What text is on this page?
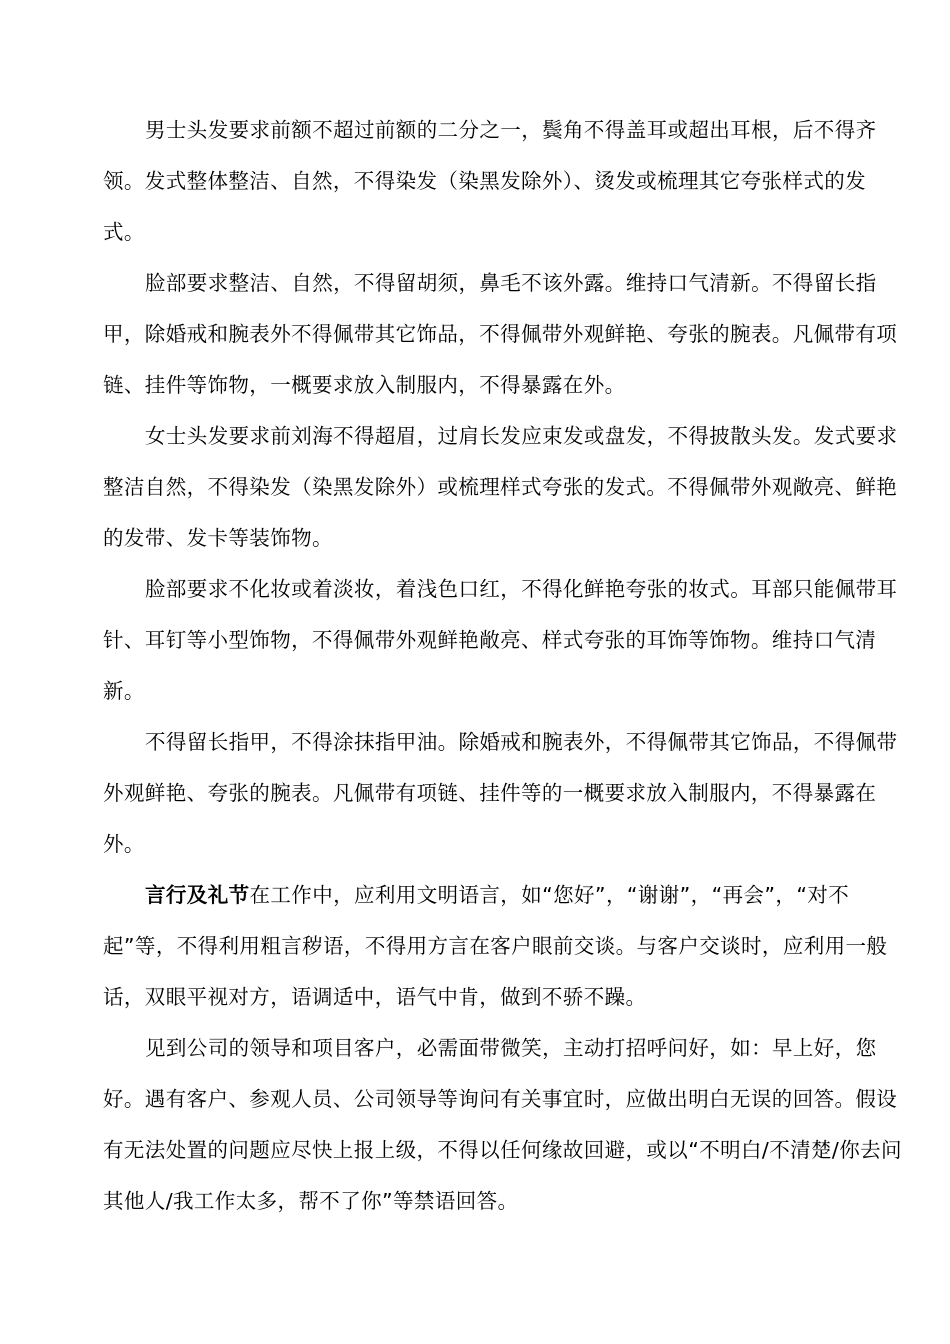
男士头发要求前额不超过前额的二分之一，鬓角不得盖耳或超出耳根，后不得齐领。发式整体整洁、自然，不得染发（染黑发除外）、烫发或梳理其它夸张样式的发式。

脸部要求整洁、自然，不得留胡须，鼻毛不该外露。维持口气清新。不得留长指甲，除婚戒和腕表外不得佩带其它饰品，不得佩带外观鲜艳、夸张的腕表。凡佩带有项链、挂件等饰物，一概要求放入制服内，不得暴露在外。

女士头发要求前刘海不得超眉，过肩长发应束发或盘发，不得披散头发。发式要求整洁自然，不得染发（染黑发除外）或梳理样式夸张的发式。不得佩带外观敞亮、鲜艳的发带、发卡等装饰物。

脸部要求不化妆或着淡妆，着浅色口红，不得化鲜艳夸张的妆式。耳部只能佩带耳针、耳钉等小型饰物，不得佩带外观鲜艳敞亮、样式夸张的耳饰等饰物。维持口气清新。

不得留长指甲，不得涂抹指甲油。除婚戒和腕表外，不得佩带其它饰品，不得佩带外观鲜艳、夸张的腕表。凡佩带有项链、挂件等的一概要求放入制服内，不得暴露在外。

言行及礼节在工作中，应利用文明语言，如“您好”，“谢谢”，“再会”，“对不起”等，不得利用粗言秽语，不得用方言在客户眼前交谈。与客户交谈时，应利用一般话，双眼平视对方，语调适中，语气中肯，做到不骄不躁。

见到公司的领导和项目客户，必需面带微笑，主动打招呼问好，如：早上好，您好。遇有客户、参观人员、公司领导等询问有关事宜时，应做出明白无误的回答。假设有无法处置的问题应尽快上报上级，不得以任何缘故回避，或以“不明白/不清楚/你去问其他人/我工作太多，帮不了你”等禁语回答。
